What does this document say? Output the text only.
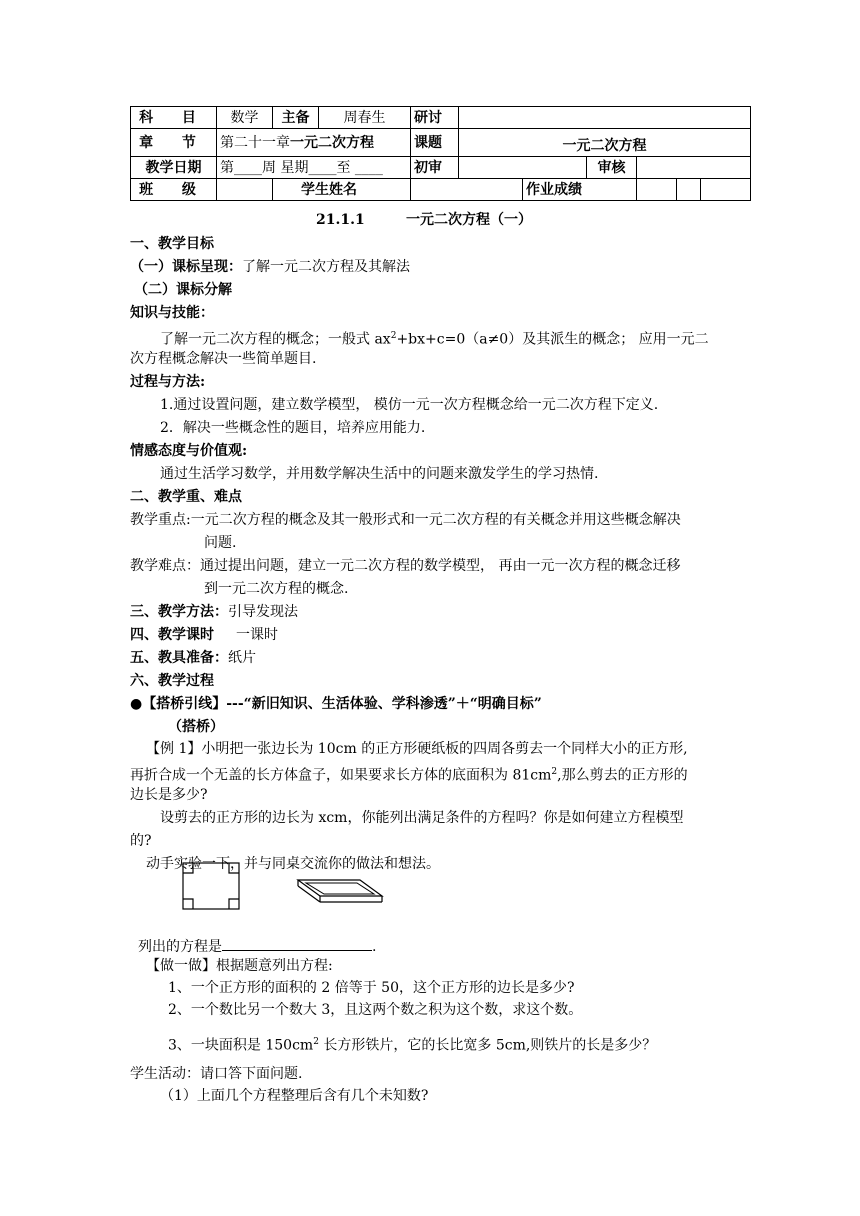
科 目	数学	主备	周春生	研讨						
章 节	第二十一章一元二次方程			课题	一元二次方程					
教学日期	第____周 星期____至 ____			初审			审核			
班 级		学生姓名				作业成绩				
21.1.1	一元二次方程（一）
一、教学目标
（一）课标呈现：了解一元二次方程及其解法
（二）课标分解
知识与技能：
了解一元二次方程的概念；一般式 $ax^2+bx+c=0(a\ne 0)$及其派生的概念； 应用一元二
次方程概念解决一些简单题目.
过程与方法:
1.通过设置问题，建立数学模型， 模仿一元一次方程概念给一元二次方程下定义.
2．解决一些概念性的题目，培养应用能力.
情感态度与价值观:
通过生活学习数学，并用数学解决生活中的问题来激发学生的学习热情.
二、教学重、难点
教学重点:一元二次方程的概念及其一般形式和一元二次方程的有关概念并用这些概念解决
问题.
教学难点：通过提出问题，建立一元二次方程的数学模型， 再由一元一次方程的概念迁移
到一元二次方程的概念.
三、教学方法：引导发现法
四、教学课时 一课时
五、教具准备：纸片
六、教学过程
●【搭桥引线】---“新旧知识、生活体验、学科渗透”＋“明确目标”
（搭桥）
【例 1】小明把一张边长为 10cm 的正方形硬纸板的四周各剪去一个同样大小的正方形,
再折合成一个无盖的长方体盒子，如果要求长方体的底面积为 $81cm^2$,那么剪去的正方形的
边长是多少?
设剪去的正方形的边长为 xcm，你能列出满足条件的方程吗？你是如何建立方程模型
的?
动手实验一下，并与同桌交流你的做法和想法。
列出的方程是	.
【做一做】根据题意列出方程:
1、一个正方形的面积的 2 倍等于 50，这个正方形的边长是多少?
2、一个数比另一个数大 3，且这两个数之积为这个数，求这个数。
3、一块面积是 $150cm^2$ 长方形铁片，它的长比宽多 5cm,则铁片的长是多少？
学生活动：请口答下面问题.
（1）上面几个方程整理后含有几个未知数?
